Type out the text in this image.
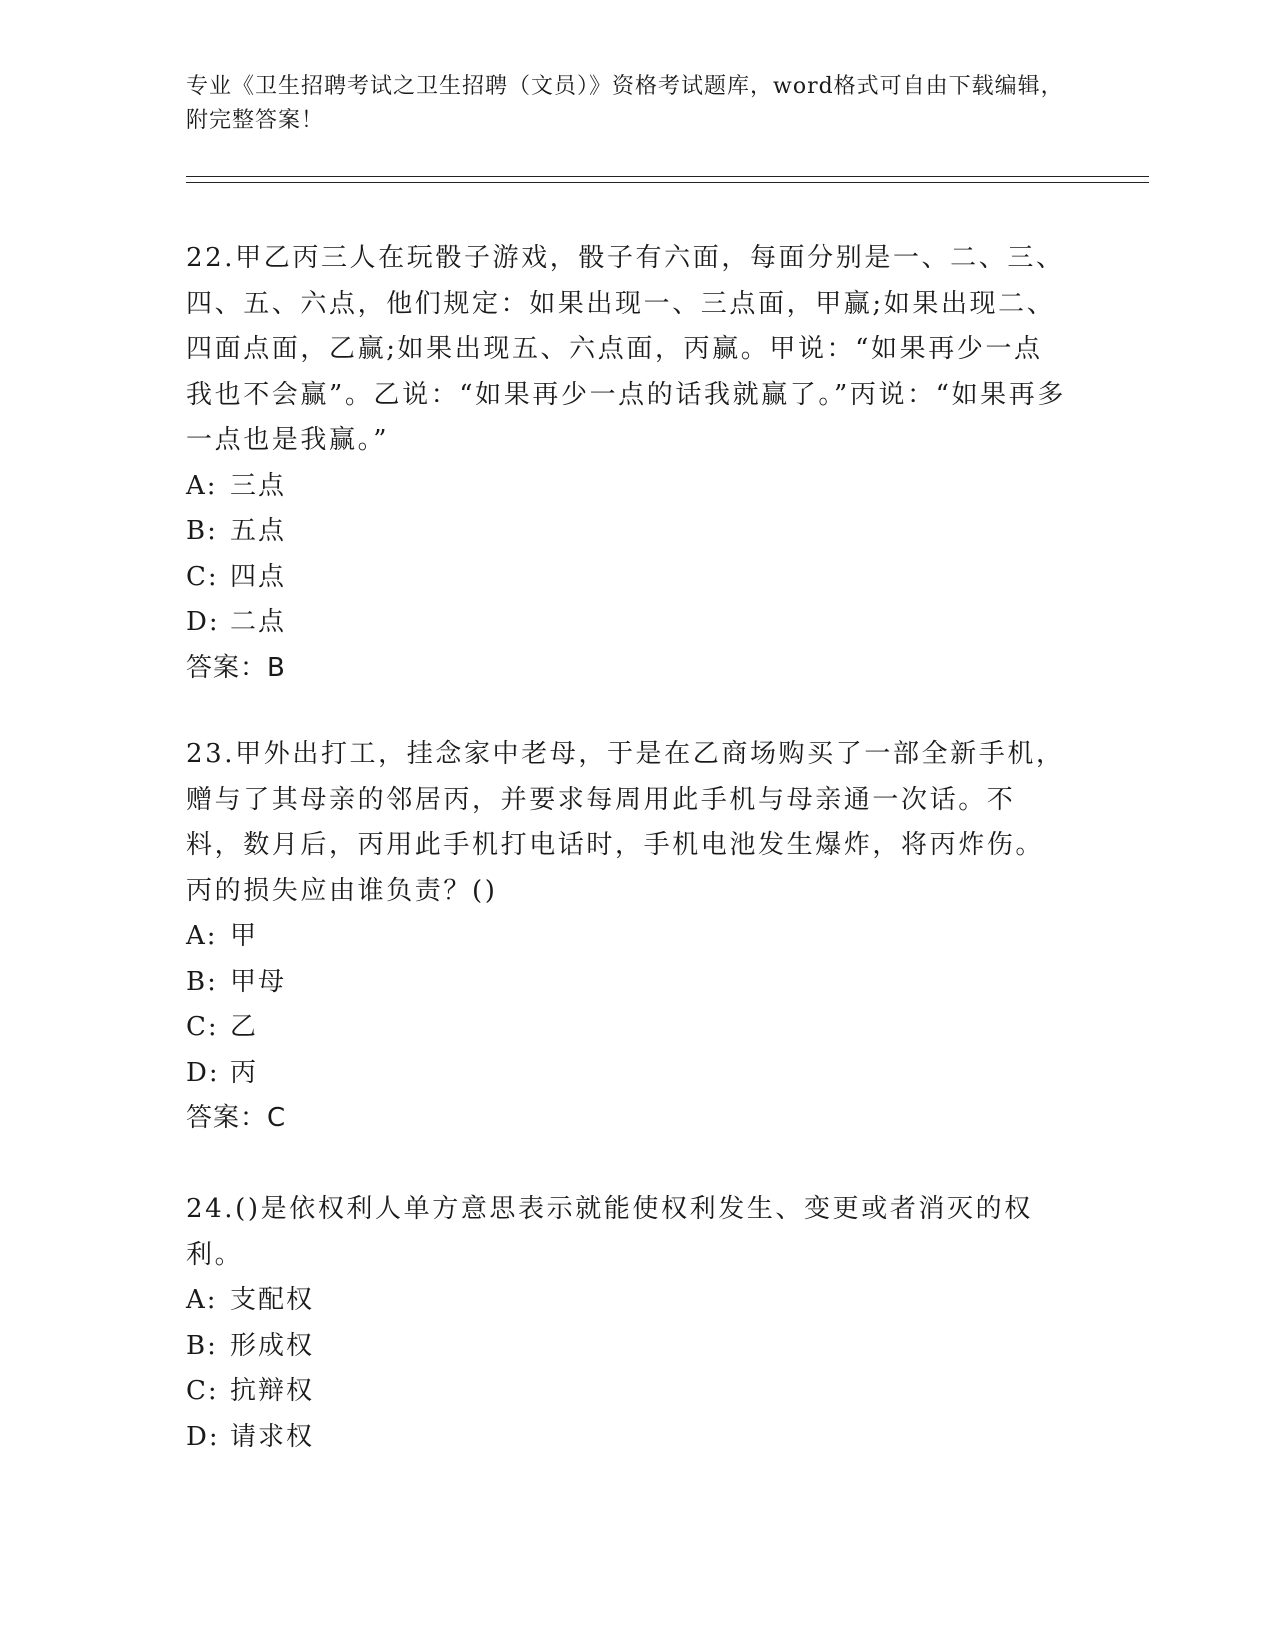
专业《卫生招聘考试之卫生招聘（文员）》资格考试题库，word格式可自由下载编辑，附完整答案！

22.甲乙丙三人在玩骰子游戏，骰子有六面，每面分别是一、二、三、四、五、六点，他们规定：如果出现一、三点面，甲赢;如果出现二、四面点面，乙赢;如果出现五、六点面，丙赢。甲说：“如果再少一点我也不会赢”。乙说：“如果再少一点的话我就赢了。”丙说：“如果再多一点也是我赢。”

A: 三点
B: 五点
C: 四点
D: 二点

答案：B

23.甲外出打工，挂念家中老母，于是在乙商场购买了一部全新手机，赠与了其母亲的邻居丙，并要求每周用此手机与母亲通一次话。不料，数月后，丙用此手机打电话时，手机电池发生爆炸，将丙炸伤。丙的损失应由谁负责？()

A: 甲
B: 甲母
C: 乙
D: 丙

答案：C

24.()是依权利人单方意思表示就能使权利发生、变更或者消灭的权利。

A: 支配权
B: 形成权
C: 抗辩权
D: 请求权
